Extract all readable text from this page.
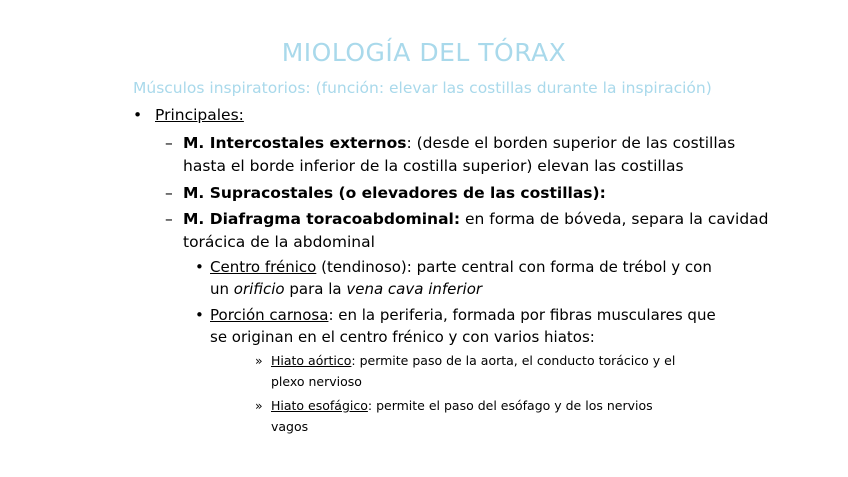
MIOLOGÍA DEL TÓRAX
Músculos inspiratorios: (función: elevar las costillas durante la inspiración)
• Principales:
– M. Intercostales externos: (desde el borden superior de las costillas
hasta el borde inferior de la costilla superior) elevan las costillas
– M. Supracostales (o elevadores de las costillas):
– M. Diafragma toracoabdominal: en forma de bóveda, separa la cavidad
torácica de la abdominal
• Centro frénico (tendinoso): parte central con forma de trébol y con
un orificio para la vena cava inferior
• Porción carnosa: en la periferia, formada por fibras musculares que
se originan en el centro frénico y con varios hiatos:
» Hiato aórtico: permite paso de la aorta, el conducto torácico y el
plexo nervioso
» Hiato esofágico: permite el paso del esófago y de los nervios
vagos
